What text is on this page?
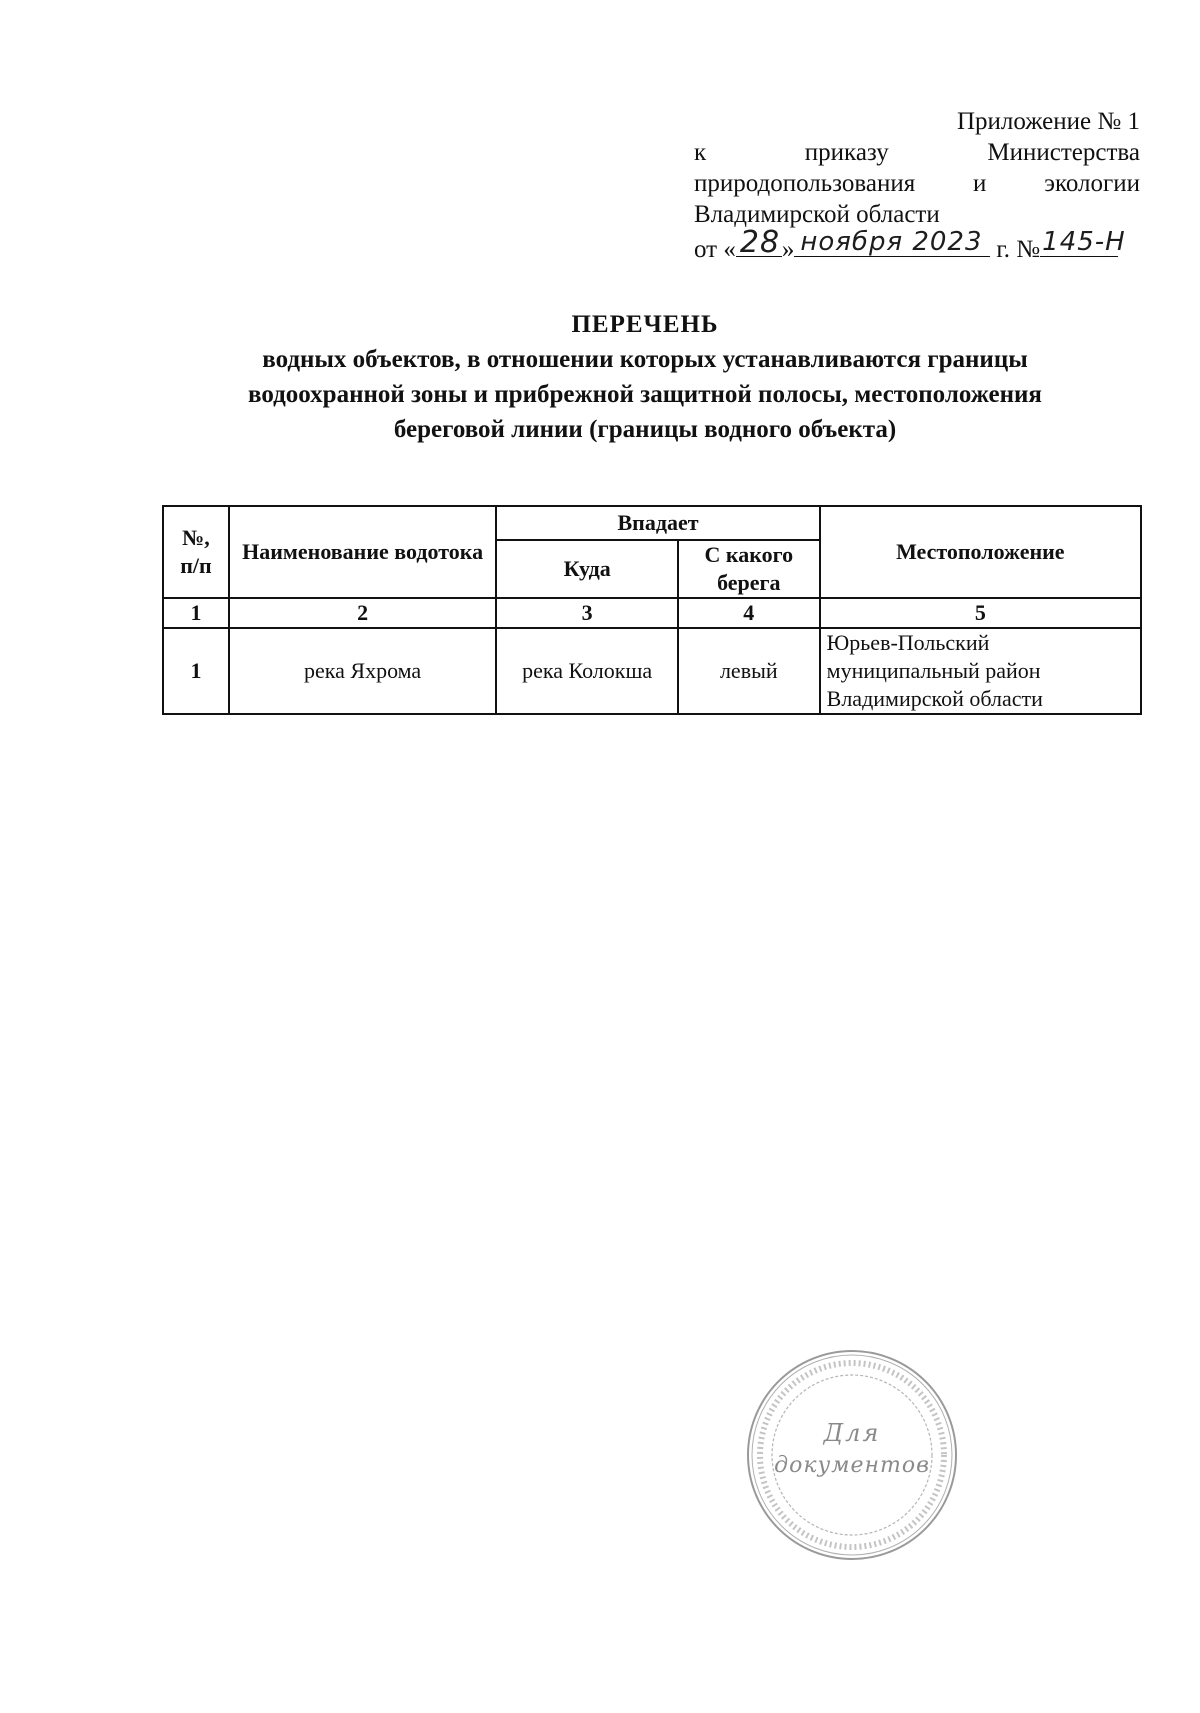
Приложение № 1
к	приказу	Министерства
природопользования и экологии
Владимирской области
от « 28 » ноября 2023 г. № 145-Н
ПЕРЕЧЕНЬ
водных объектов, в отношении которых устанавливаются границы
водоохранной зоны и прибрежной защитной полосы, местоположения
береговой линии (границы водного объекта)
№, п/п	Наименование водотока	Впадает		Местоположение
		Куда	С какого берега	
1	2	3	4	5
1	река Яхрома	река Колокша	левый	Юрьев-Польский
муниципальный район
Владимирской области
Для
документов
